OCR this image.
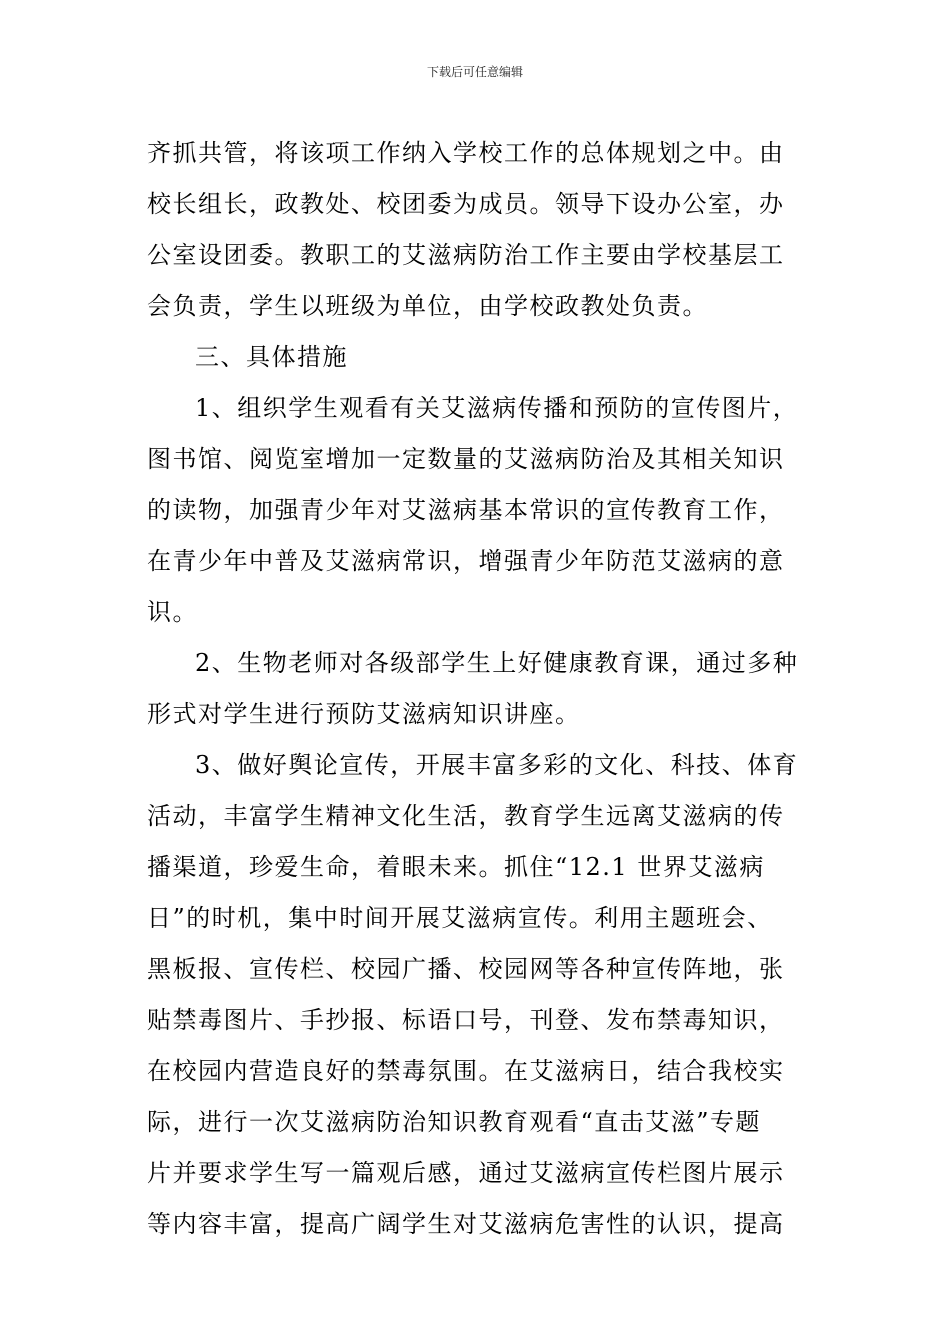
下载后可任意编辑
齐抓共管，将该项工作纳入学校工作的总体规划之中。由
校长组长，政教处、校团委为成员。领导下设办公室，办
公室设团委。教职工的艾滋病防治工作主要由学校基层工
会负责，学生以班级为单位，由学校政教处负责。
三、具体措施
1、组织学生观看有关艾滋病传播和预防的宣传图片，
图书馆、阅览室增加一定数量的艾滋病防治及其相关知识
的读物，加强青少年对艾滋病基本常识的宣传教育工作，
在青少年中普及艾滋病常识，增强青少年防范艾滋病的意
识。
2、生物老师对各级部学生上好健康教育课，通过多种
形式对学生进行预防艾滋病知识讲座。
3、做好舆论宣传，开展丰富多彩的文化、科技、体育
活动，丰富学生精神文化生活，教育学生远离艾滋病的传
播渠道，珍爱生命，着眼未来。抓住“12.1 世界艾滋病
日”的时机，集中时间开展艾滋病宣传。利用主题班会、
黑板报、宣传栏、校园广播、校园网等各种宣传阵地，张
贴禁毒图片、手抄报、标语口号，刊登、发布禁毒知识，
在校园内营造良好的禁毒氛围。在艾滋病日，结合我校实
际，进行一次艾滋病防治知识教育观看“直击艾滋”专题
片并要求学生写一篇观后感，通过艾滋病宣传栏图片展示
等内容丰富，提高广阔学生对艾滋病危害性的认识，提高
